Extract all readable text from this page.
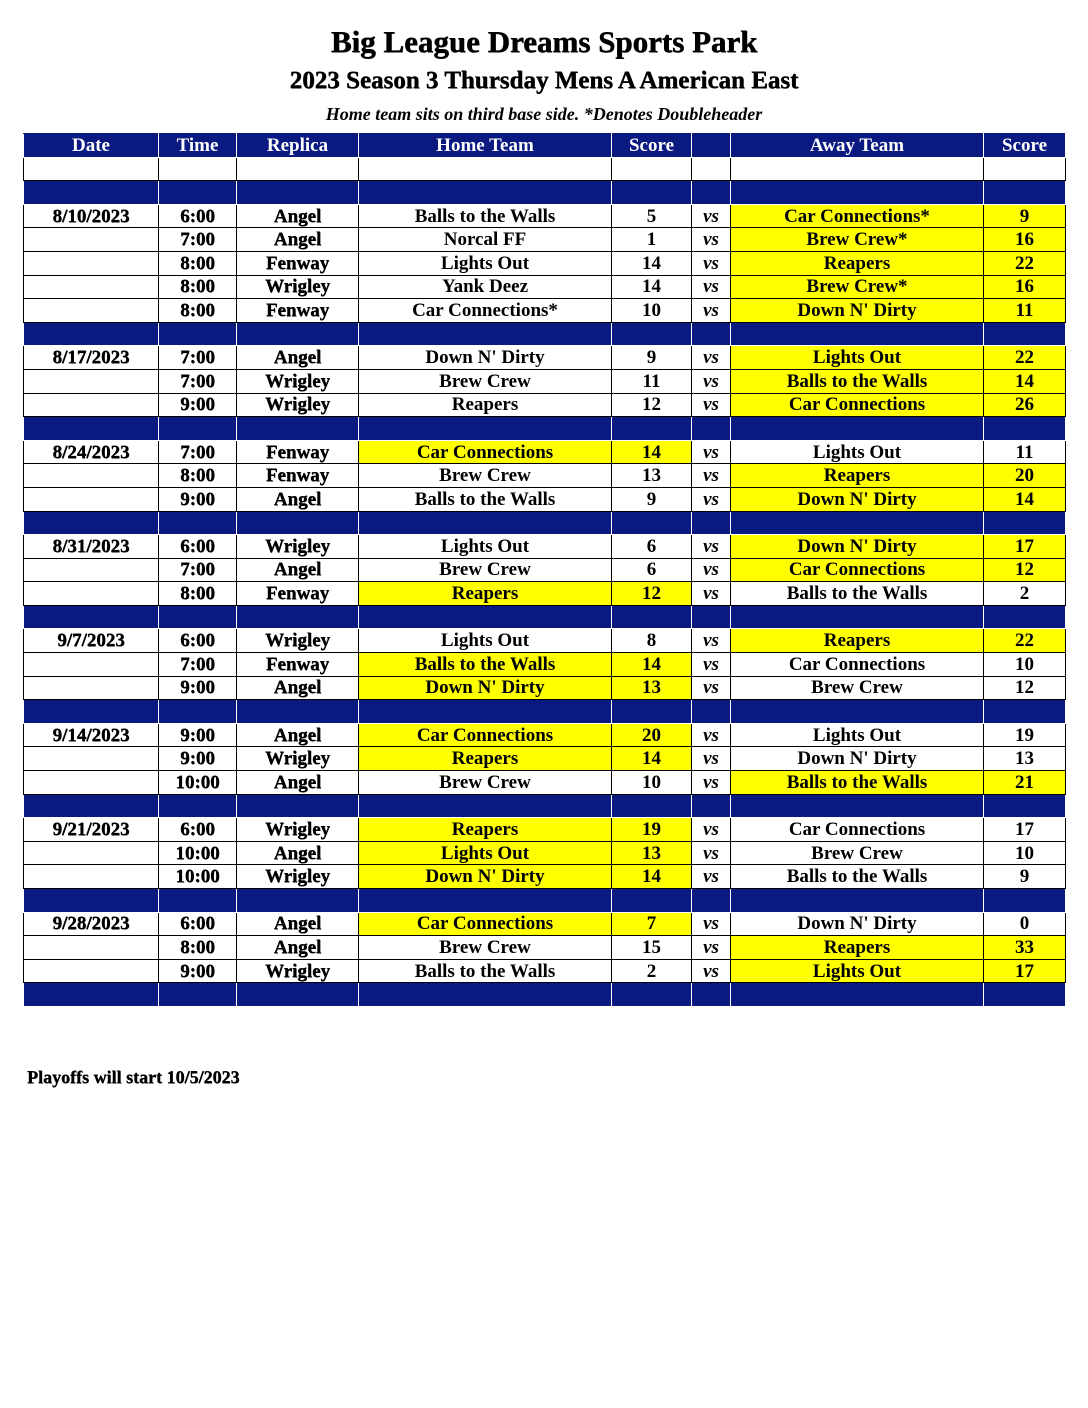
Big League Dreams Sports Park
2023 Season 3 Thursday Mens A American East
Home team sits on third base side. *Denotes Doubleheader
Date	Time	Replica	Home Team	Score		Away Team	Score

8/10/2023	6:00	Angel	Balls to the Walls	5	vs	Car Connections*	9
	7:00	Angel	Norcal FF	1	vs	Brew Crew*	16
	8:00	Fenway	Lights Out	14	vs	Reapers	22
	8:00	Wrigley	Yank Deez	14	vs	Brew Crew*	16
	8:00	Fenway	Car Connections*	10	vs	Down N' Dirty	11

8/17/2023	7:00	Angel	Down N' Dirty	9	vs	Lights Out	22
	7:00	Wrigley	Brew Crew	11	vs	Balls to the Walls	14
	9:00	Wrigley	Reapers	12	vs	Car Connections	26

8/24/2023	7:00	Fenway	Car Connections	14	vs	Lights Out	11
	8:00	Fenway	Brew Crew	13	vs	Reapers	20
	9:00	Angel	Balls to the Walls	9	vs	Down N' Dirty	14

8/31/2023	6:00	Wrigley	Lights Out	6	vs	Down N' Dirty	17
	7:00	Angel	Brew Crew	6	vs	Car Connections	12
	8:00	Fenway	Reapers	12	vs	Balls to the Walls	2

9/7/2023	6:00	Wrigley	Lights Out	8	vs	Reapers	22
	7:00	Fenway	Balls to the Walls	14	vs	Car Connections	10
	9:00	Angel	Down N' Dirty	13	vs	Brew Crew	12

9/14/2023	9:00	Angel	Car Connections	20	vs	Lights Out	19
	9:00	Wrigley	Reapers	14	vs	Down N' Dirty	13
	10:00	Angel	Brew Crew	10	vs	Balls to the Walls	21

9/21/2023	6:00	Wrigley	Reapers	19	vs	Car Connections	17
	10:00	Angel	Lights Out	13	vs	Brew Crew	10
	10:00	Wrigley	Down N' Dirty	14	vs	Balls to the Walls	9

9/28/2023	6:00	Angel	Car Connections	7	vs	Down N' Dirty	0
	8:00	Angel	Brew Crew	15	vs	Reapers	33
	9:00	Wrigley	Balls to the Walls	2	vs	Lights Out	17

Playoffs will start 10/5/2023
